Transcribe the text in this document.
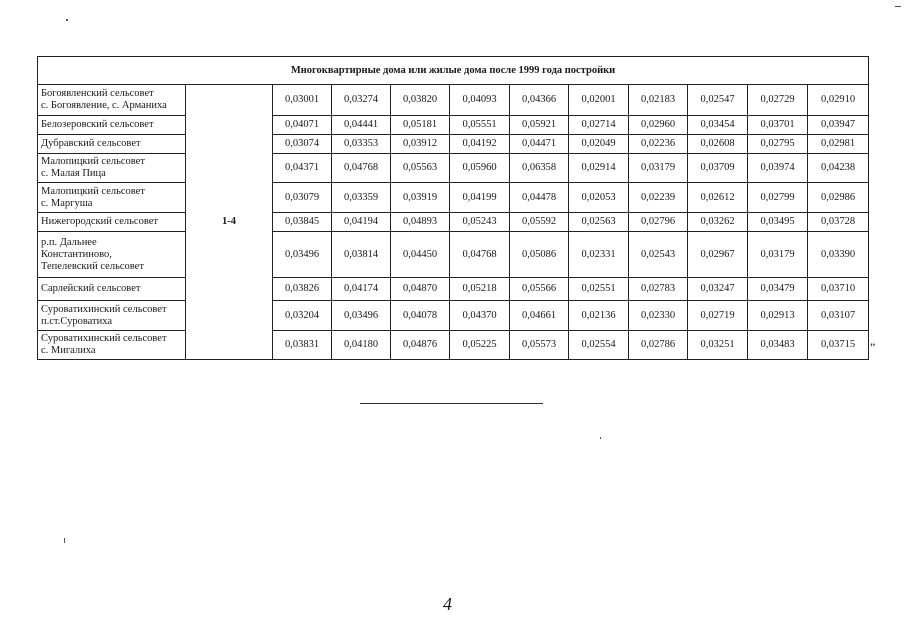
Многоквартирные дома или жилые дома после 1999 года постройки											

Богоявленский сельсовет
с. Богоявление, с. Арманиха	1-4	0,03001	0,03274	0,03820	0,04093	0,04366	0,02001	0,02183	0,02547	0,02729	0,02910

Белозеровский сельсовет		0,04071	0,04441	0,05181	0,05551	0,05921	0,02714	0,02960	0,03454	0,03701	0,03947

Дубравский сельсовет		0,03074	0,03353	0,03912	0,04192	0,04471	0,02049	0,02236	0,02608	0,02795	0,02981

Малопицкий сельсовет
с. Малая Пица		0,04371	0,04768	0,05563	0,05960	0,06358	0,02914	0,03179	0,03709	0,03974	0,04238

Малопицкий сельсовет
с. Маргуша		0,03079	0,03359	0,03919	0,04199	0,04478	0,02053	0,02239	0,02612	0,02799	0,02986

Нижегородский сельсовет		0,03845	0,04194	0,04893	0,05243	0,05592	0,02563	0,02796	0,03262	0,03495	0,03728

р.п. Дальнее
Константиново,
Тепелевский сельсовет		0,03496	0,03814	0,04450	0,04768	0,05086	0,02331	0,02543	0,02967	0,03179	0,03390

Сарлейский сельсовет		0,03826	0,04174	0,04870	0,05218	0,05566	0,02551	0,02783	0,03247	0,03479	0,03710

Суроватихинский сельсовет
п.ст.Суроватиха		0,03204	0,03496	0,04078	0,04370	0,04661	0,02136	0,02330	0,02719	0,02913	0,03107

Суроватихинский сельсовет
с. Мигалиха		0,03831	0,04180	0,04876	0,05225	0,05573	0,02554	0,02786	0,03251	0,03483	0,03715 ”
4
